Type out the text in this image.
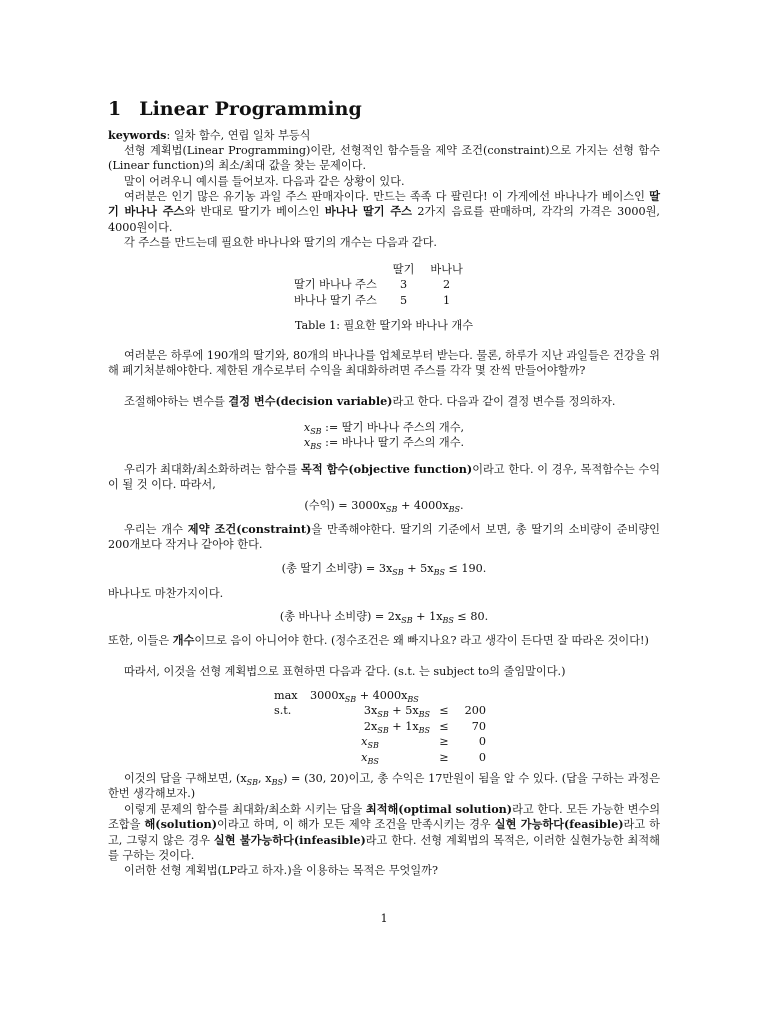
1 Linear Programming
keywords: 일차 함수, 연립 일차 부등식
선형 계획법(Linear Programming)이란, 선형적인 함수들을 제약 조건(constraint)으로 가지는 선형 함수(Linear function)의 최소/최대 값을 찾는 문제이다.
말이 어려우니 예시를 들어보자. 다음과 같은 상황이 있다.
여러분은 인기 많은 유기농 과일 주스 판매자이다. 만드는 족족 다 팔린다! 이 가게에선 바나나가 베이스인 딸기 바나나 주스와 반대로 딸기가 베이스인 바나나 딸기 주스 2가지 음료를 판매하며, 각각의 가격은 3000원, 4000원이다.
각 주스를 만드는데 필요한 바나나와 딸기의 개수는 다음과 같다.
	딸기	바나나
딸기 바나나 주스	3	2
바나나 딸기 주스	5	1
Table 1: 필요한 딸기와 바나나 개수
여러분은 하루에 190개의 딸기와, 80개의 바나나를 업체로부터 받는다. 물론, 하루가 지난 과일들은 건강을 위해 폐기처분해야한다. 제한된 개수로부터 수익을 최대화하려면 주스를 각각 몇 잔씩 만들어야할까?
조절해야하는 변수를 결정 변수(decision variable)라고 한다. 다음과 같이 결정 변수를 정의하자.
$x_{SB}$ := 딸기 바나나 주스의 개수,
$x_{BS}$ := 바나나 딸기 주스의 개수.
우리가 최대화/최소화하려는 함수를 목적 함수(objective function)이라고 한다. 이 경우, 목적함수는 수익이 될 것 이다. 따라서,
(수익) = $3000x_{SB} + 4000x_{BS}$.
우리는 개수 제약 조건(constraint)을 만족해야한다. 딸기의 기준에서 보면, 총 딸기의 소비량이 준비량인 200개보다 작거나 같아야 한다.
(총 딸기 소비량) = $3x_{SB} + 5x_{BS} \le 190$.
바나나도 마찬가지이다.
(총 바나나 소비량) = $2x_{SB} + 1x_{BS} \le 80$.
또한, 이들은 개수이므로 음이 아니어야 한다. (정수조건은 왜 빠지나요? 라고 생각이 든다면 잘 따라온 것이다!)
따라서, 이것을 선형 계획법으로 표현하면 다음과 같다. (s.t. 는 subject to의 줄임말이다.)
max	$3000x_{SB} + 4000x_{BS}$
s.t.	$3x_{SB} + 5x_{BS}$ ≤	200
$2x_{SB} + 1x_{BS}$ ≤	70
$x_{SB}$	≥	0
$x_{BS}$	≥	0
이것의 답을 구해보면, ($x_{SB}$, $x_{BS}) = (30$, 20)이고, 총 수익은 17만원이 됨을 알 수 있다. (답을 구하는 과정은 한번 생각해보자.)
이렇게 문제의 함수를 최대화/최소화 시키는 답을 최적해(optimal solution)라고 한다. 모든 가능한 변수의 조합을 해(solution)이라고 하며, 이 해가 모든 제약 조건을 만족시키는 경우 실현 가능하다(feasible)라고 하고, 그렇지 않은 경우 실현 불가능하다(infeasible)라고 한다. 선형 계획법의 목적은, 이러한 실현가능한 최적해를 구하는 것이다.
이러한 선형 계획법(LP라고 하자.)을 이용하는 목적은 무엇일까?
1
